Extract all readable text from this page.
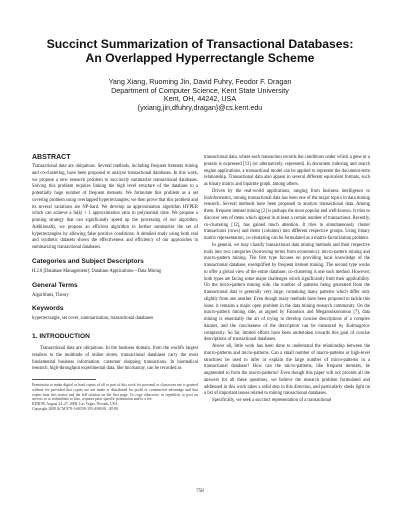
Succinct Summarization of Transactional Databases:
An Overlapped Hyperrectangle Scheme
Yang Xiang, Ruoming Jin, David Fuhry, Feodor F. Dragan
Department of Computer Science, Kent State University
Kent, OH, 44242, USA
{yxiang,jin,dfuhry,dragan}@cs.kent.edu
ABSTRACT

Transactional data are ubiquitous. Several methods, including frequent itemsets mining and co-clustering, have been proposed to analyze transactional databases. In this work, we propose a new research problem to succinctly summarize transactional databases. Solving this problem requires linking the high level structure of the database to a potentially huge number of frequent itemsets. We formulate this problem as a set covering problem using overlapped hyperrectangles; we then prove that this problem and its several variations are NP-hard. We develop an approximation algorithm HYPER which can achieve a ln(k) + 1 approximation ratio in polynomial time. We propose a pruning strategy that can significantly speed up the processing of our algorithm. Additionally, we propose an efficient algorithm to further summarize the set of hyperrectangles by allowing false positive conditions. A detailed study using both real and synthetic datasets shows the effectiveness and efficiency of our approaches in summarizing transactional databases.

Categories and Subject Descriptors

H.2.8 [Database Management]: Database Applications—Data Mining

General Terms

Algorithms, Theory

Keywords

hyperrectangle, set cover, summarization, transactional databases

1. INTRODUCTION

Transactional data are ubiquitous. In the business domain, from the world's largest retailers to the multitude of online stores, transactional databases carry the most fundamental business information: customer shopping transactions. In biomedical research, high-throughput experimental data, like microarray, can be recorded as

Permission to make digital or hard copies of all or part of this work for personal or classroom use is granted without fee provided that copies are not made or distributed for profit or commercial advantage and that copies bear this notice and the full citation on the first page. To copy otherwise, to republish, to post on servers or to redistribute to lists, requires prior specific permission and/or a fee.

KDD'08, August 24–27, 2008, Las Vegas, Nevada, USA.

Copyright 2008 ACM 978-1-60558-193-4/08/08 ...$5.00.

transactional data, where each transaction records the conditions under which a gene or a protein is expressed [13] (or alternatively, repressed). In document indexing and search engine applications, a transactional model can be applied to represent the document-term relationship. Transactional data also appear in several different equivalent formats, such as binary matrix and bipartite graph, among others.

Driven by the real-world applications, ranging from business intelligence to bioinformatics, mining transactional data has been one of the major topics in data mining research. Several methods have been proposed to analyze transactional data. Among them, frequent itemset mining [2] is perhaps the most popular and well-known. It tries to discover sets of items which appear in at least a certain number of transactions. Recently, co-clustering [12], has gained much attention. It tries to simultaneously cluster transactions (rows) and items (columns) into different respective groups. Using binary matrix representation, co-clustering can be formulated as a matrix-factorization problem.

In general, we may classify transactional data mining methods and their respective tools into two categories (borrowing terms from economics): micro-pattern mining and macro-pattern mining. The first type focuses on providing local knowledge of the transactional database, exemplified by frequent itemset mining. The second type works to offer a global view of the entire database; co-clustering is one such method. However, both types are facing some major challenges which significantly limit their applicability. On the micro-pattern mining side, the number of patterns being generated from the transactional data is generally very large, containing many patterns which differ only slightly from one another. Even though many methods have been proposed to tackle this issue, it remains a major open problem in the data mining research community. On the macro-pattern mining side, as argued by Faloutsos and Megalooikonomou [7], data mining is essentially the art of trying to develop concise descriptions of a complex dataset, and the conciseness of the description can be measured by Kolmogorov complexity. So far, limited efforts have been undertaken towards this goal of concise descriptions of transactional databases.

Above all, little work has been done to understand the relationship between the macro-patterns and micro-patterns. Can a small number of macro-patterns or high-level structures be used to infer or explain the large number of micro-patterns in a transactional database? How can the micro-patterns, like frequent itemsets, be augmented to form the macro-patterns? Even though this paper will not provide all the answers for all these questions, we believe the research problem formulated and addressed in this work takes a solid step in this direction, and particularly sheds light on a list of important issues related to mining transactional databases.

Specifically, we seek a succinct representation of a transactional

758
